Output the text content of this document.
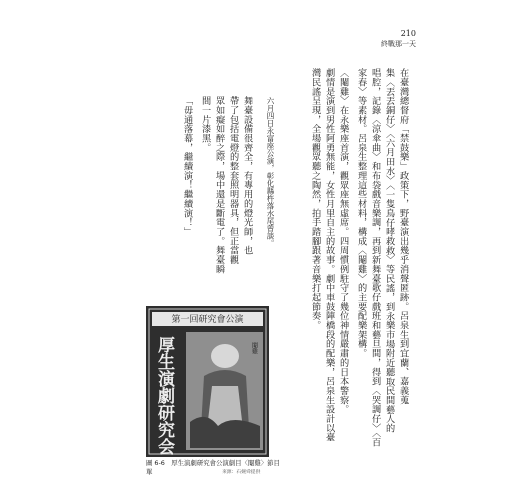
210
終戰那一天
在臺灣總督府「禁鼓樂」政策下，野臺演出幾乎消聲匿跡。呂泉生到宜蘭、嘉義蒐
集〈丟丟銅仔〉〈六月田水〉〈一隻鳥仔哮救救〉等民謠，到永樂市場附近聽取民間藝人的
唱腔，記錄〈涼傘曲〉和布袋戲音樂調，再到新舞臺歌仔戲班和藝旦間，得到〈哭調仔〉〈百
家春〉等素材。呂泉生整理這些材料，構成〈閹雞〉的主要配樂架構。
〈閹雞〉在永樂座首演，觀眾座無虛席。四周慣例駐守了幾位神情嚴肅的日本警察。
劇情是演到男性阿勇無能，女性月里自主的故事。劇中車鼓陣橋段的配樂，呂泉生設計以臺
灣民謠呈現，全場觀眾聽之陶然，拍手踏腳跟著音樂打起節奏。
六月四日永富座公演，彰化縣杵落水尾曾談。
舞臺設備很齊全，有專用的燈光師，也
帶了包括電燈的整套照明器具，但正當觀
眾如癡如醉之際，場中還是斷電了。舞臺瞬
間一片漆黑。
「毋通落幕，繼續演！繼續演！」
第一回研究會公演
厚生演劇研究会	閹雞
圖 6-6　厚生演劇研究會公演劇目〈閹雞〉節目單	來源：石婉舜提供
